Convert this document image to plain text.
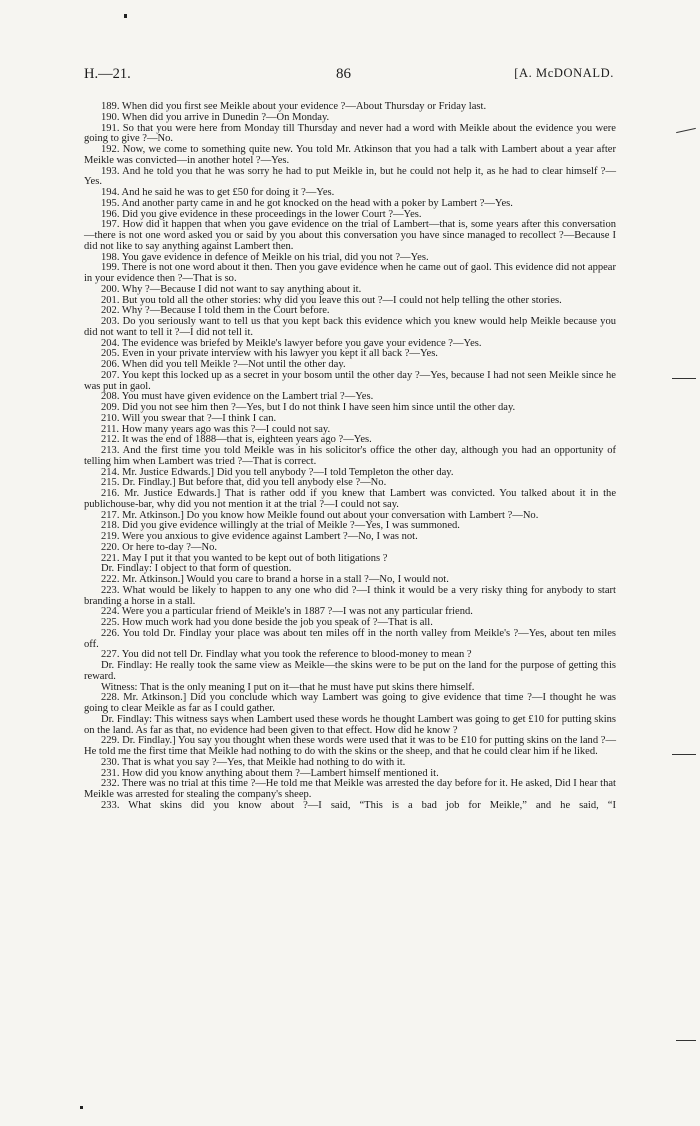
H.—21.	86	[A. McDONALD.

189. When did you first see Meikle about your evidence ?—About Thursday or Friday last.

190. When did you arrive in Dunedin ?—On Monday.

191. So that you were here from Monday till Thursday and never had a word with Meikle about the evidence you were going to give ?—No.

192. Now, we come to something quite new. You told Mr. Atkinson that you had a talk with Lambert about a year after Meikle was convicted—in another hotel ?—Yes.

193. And he told you that he was sorry he had to put Meikle in, but he could not help it, as he had to clear himself ?—Yes.

194. And he said he was to get £50 for doing it ?—Yes.

195. And another party came in and he got knocked on the head with a poker by Lambert ?—Yes.

196. Did you give evidence in these proceedings in the lower Court ?—Yes.

197. How did it happen that when you gave evidence on the trial of Lambert—that is, some years after this conversation—there is not one word asked you or said by you about this conversation you have since managed to recollect ?—Because I did not like to say anything against Lambert then.

198. You gave evidence in defence of Meikle on his trial, did you not ?—Yes.

199. There is not one word about it then. Then you gave evidence when he came out of gaol. This evidence did not appear in your evidence then ?—That is so.

200. Why ?—Because I did not want to say anything about it.

201. But you told all the other stories: why did you leave this out ?—I could not help telling the other stories.

202. Why ?—Because I told them in the Court before.

203. Do you seriously want to tell us that you kept back this evidence which you knew would help Meikle because you did not want to tell it ?—I did not tell it.

204. The evidence was briefed by Meikle's lawyer before you gave your evidence ?—Yes.

205. Even in your private interview with his lawyer you kept it all back ?—Yes.

206. When did you tell Meikle ?—Not until the other day.

207. You kept this locked up as a secret in your bosom until the other day ?—Yes, because I had not seen Meikle since he was put in gaol.

208. You must have given evidence on the Lambert trial ?—Yes.

209. Did you not see him then ?—Yes, but I do not think I have seen him since until the other day.

210. Will you swear that ?—I think I can.

211. How many years ago was this ?—I could not say.

212. It was the end of 1888—that is, eighteen years ago ?—Yes.

213. And the first time you told Meikle was in his solicitor's office the other day, although you had an opportunity of telling him when Lambert was tried ?—That is correct.

214. Mr. Justice Edwards.] Did you tell anybody ?—I told Templeton the other day.

215. Dr. Findlay.] But before that, did you tell anybody else ?—No.

216. Mr. Justice Edwards.] That is rather odd if you knew that Lambert was convicted. You talked about it in the publichouse-bar, why did you not mention it at the trial ?—I could not say.

217. Mr. Atkinson.] Do you know how Meikle found out about your conversation with Lambert ?—No.

218. Did you give evidence willingly at the trial of Meikle ?—Yes, I was summoned.

219. Were you anxious to give evidence against Lambert ?—No, I was not.

220. Or here to-day ?—No.

221. May I put it that you wanted to be kept out of both litigations ?

Dr. Findlay: I object to that form of question.

222. Mr. Atkinson.] Would you care to brand a horse in a stall ?—No, I would not.

223. What would be likely to happen to any one who did ?—I think it would be a very risky thing for anybody to start branding a horse in a stall.

224. Were you a particular friend of Meikle's in 1887 ?—I was not any particular friend.

225. How much work had you done beside the job you speak of ?—That is all.

226. You told Dr. Findlay your place was about ten miles off in the north valley from Meikle's ?—Yes, about ten miles off.

227. You did not tell Dr. Findlay what you took the reference to blood-money to mean ?

Dr. Findlay: He really took the same view as Meikle—the skins were to be put on the land for the purpose of getting this reward.

Witness: That is the only meaning I put on it—that he must have put skins there himself.

228. Mr. Atkinson.] Did you conclude which way Lambert was going to give evidence that time ?—I thought he was going to clear Meikle as far as I could gather.

Dr. Findlay: This witness says when Lambert used these words he thought Lambert was going to get £10 for putting skins on the land. As far as that, no evidence had been given to that effect. How did he know ?

229. Dr. Findlay.] You say you thought when these words were used that it was to be £10 for putting skins on the land ?—He told me the first time that Meikle had nothing to do with the skins or the sheep, and that he could clear him if he liked.

230. That is what you say ?—Yes, that Meikle had nothing to do with it.

231. How did you know anything about them ?—Lambert himself mentioned it.

232. There was no trial at this time ?—He told me that Meikle was arrested the day before for it. He asked, Did I hear that Meikle was arrested for stealing the company's sheep.

233. What skins did you know about ?—I said, “This is a bad job for Meikle,” and he said, “I
